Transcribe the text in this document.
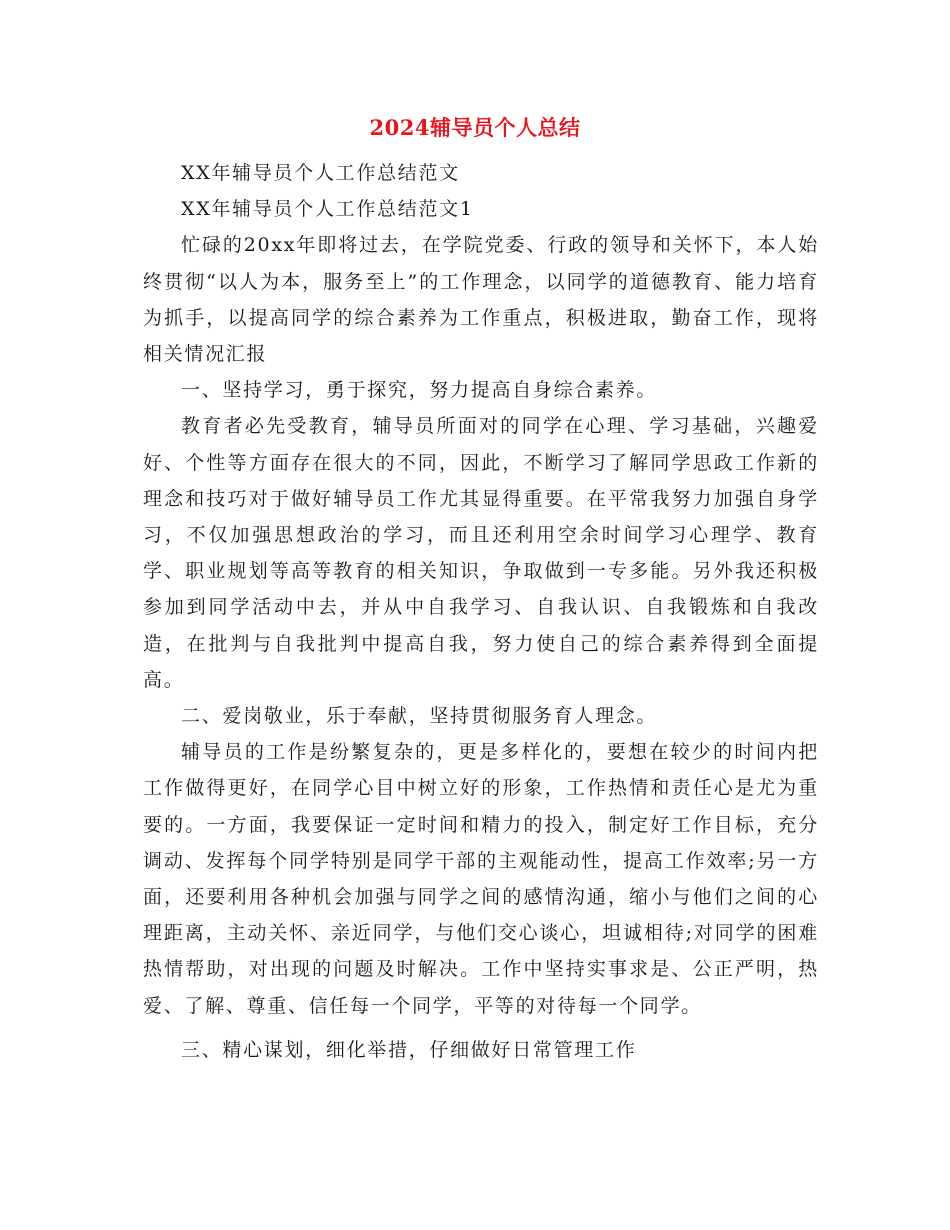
2024辅导员个人总结

XX年辅导员个人工作总结范文

XX年辅导员个人工作总结范文1

忙碌的20xx年即将过去，在学院党委、行政的领导和关怀下，本人始终贯彻“以人为本，服务至上”的工作理念，以同学的道德教育、能力培育为抓手，以提高同学的综合素养为工作重点，积极进取，勤奋工作，现将相关情况汇报

一、坚持学习，勇于探究，努力提高自身综合素养。

教育者必先受教育，辅导员所面对的同学在心理、学习基础，兴趣爱好、个性等方面存在很大的不同，因此，不断学习了解同学思政工作新的理念和技巧对于做好辅导员工作尤其显得重要。在平常我努力加强自身学习，不仅加强思想政治的学习，而且还利用空余时间学习心理学、教育学、职业规划等高等教育的相关知识，争取做到一专多能。另外我还积极参加到同学活动中去，并从中自我学习、自我认识、自我锻炼和自我改造，在批判与自我批判中提高自我，努力使自己的综合素养得到全面提高。

二、爱岗敬业，乐于奉献，坚持贯彻服务育人理念。

辅导员的工作是纷繁复杂的，更是多样化的，要想在较少的时间内把工作做得更好，在同学心目中树立好的形象，工作热情和责任心是尤为重要的。一方面，我要保证一定时间和精力的投入，制定好工作目标，充分调动、发挥每个同学特别是同学干部的主观能动性，提高工作效率;另一方面，还要利用各种机会加强与同学之间的感情沟通，缩小与他们之间的心理距离，主动关怀、亲近同学，与他们交心谈心，坦诚相待;对同学的困难热情帮助，对出现的问题及时解决。工作中坚持实事求是、公正严明，热爱、了解、尊重、信任每一个同学，平等的对待每一个同学。

三、精心谋划，细化举措，仔细做好日常管理工作
